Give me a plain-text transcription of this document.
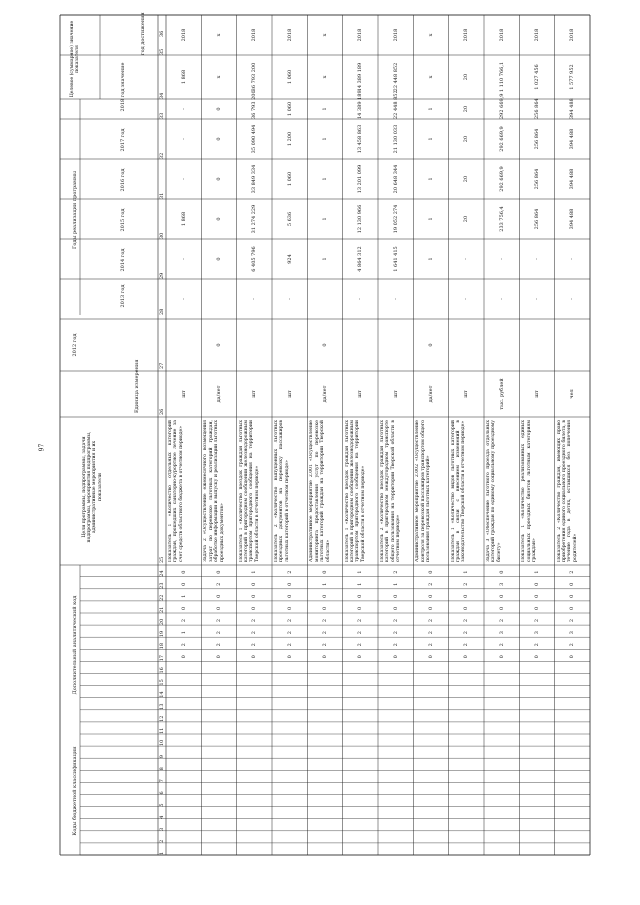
97
Коды бюджетной классификации
Дополнительный аналитический код
Цели программы, подпрограммы, задачи подпрограммы, мероприятия подпрограммы, административные мероприятия и их показатели
Единица измерения
2012 год
Годы реализации программы
Целевое (суммарное) значение показателя
2013 год
2014 год
2015 год
2016 год
2017 год
2018 год
значение
год достижения
1
2
3
4
5
6
7
8
9
10
11
12
13
14
15
16
17
18
19
20
21
22
23
24
25
26
27
28
29
30
31
32
33
34
35
36
0
2
1
2
0
1
0
0
Показатель 1 «Количество отдельных категорий граждан, прошедших санаторно-курортное лечение за счет средств областного бюджета в отчетном периоде»
шт
-
-
1 868
-
-
-
1 868
2018
0
2
2
2
0
0
2
0
Задача 2 «Осуществление ежемесячного возмещения затрат по перевозке льготных категорий граждан, обработке информации и выпуску и реализации льготных проездных документов»
да/нет
0
0
0
0
0
0
х
х
0
2
2
2
0
0
0
1
Показатель 1 «Количество поездок граждан льготных категорий в пригородном сообщении железнодорожным транспортом пригородного сообщения на территории Тверской области в отчетном периоде»
шт
-
6 405 796
31 274 229
33 849 334
35 090 494
36 793 200
36 793 200
2018
0
2
2
2
0
0
0
2
Показатель 2 «Количество выпущенных льготных проездных документов на перевозку пассажиров льготных категорий в отчетном периоде»
шт
-
924
5 636
1 060
1 200
1 060
1 060
2018
0
2
2
2
0
0
1
0
Административное мероприятие 2.001 «Осуществление мониторинга предоставления услуг по перевозке льготных категорий граждан на территории Тверской области»
да/нет
0
1
1
1
1
1
х
х
0
2
2
2
0
0
1
1
Показатель 1 «Количество поездок граждан льготных категорий в пригородном сообщении железнодорожным транспортом пригородного сообщения на территории Тверской области в отчетном периоде»
шт
-
4 864 312
12 130 966
13 201 099
13 458 863
14 389 189
14 389 189
2018
0
2
2
2
0
0
1
2
Показатель 2 «Количество поездок граждан льготных категорий в пригородном междугородном транспорте общего пользования на территории Тверской области в отчетном периоде»
шт
-
1 641 415
19 052 274
20 648 344
21 130 033
22 448 852
22 448 852
2018
0
2
2
2
0
0
2
0
Административное мероприятие 2.002 «Осуществление контроля за перевозкой пассажиров транспортом общего пользования граждан льготных категорий»
да/нет
0
1
1
1
1
1
х
х
0
2
2
2
0
0
2
1
Показатель 1 «Количество видов льготных категорий граждан в связи с внесением изменений в законодательство Тверской области в отчетном периоде»
шт
-
-
20
20
20
20
20
2018
0
2
3
2
0
0
3
0
Задача 3 «Обеспечение льготного проезда отдельных категорий граждан по единому социальному проездному билету»
тыс. рублей
-
-
233 756,4
292 669,9
292 669,9
292 669,9
1 110 766,1
2018
0
2
3
2
0
0
0
1
Показатель 1 «Количество реализованных единых социальных проездных билетов льготным категориям граждан»
шт
-
-
256 864
256 864
256 864
256 864
1 027 456
2018
0
2
3
2
0
0
0
2
Показатель 2 «Количество граждан, имеющих право приобретения единого социального проездного билета, в течение года в детях, оставшихся без попечения родителей»
чел
-
-
394 488
394 488
394 488
394 488
1 577 952
2018
